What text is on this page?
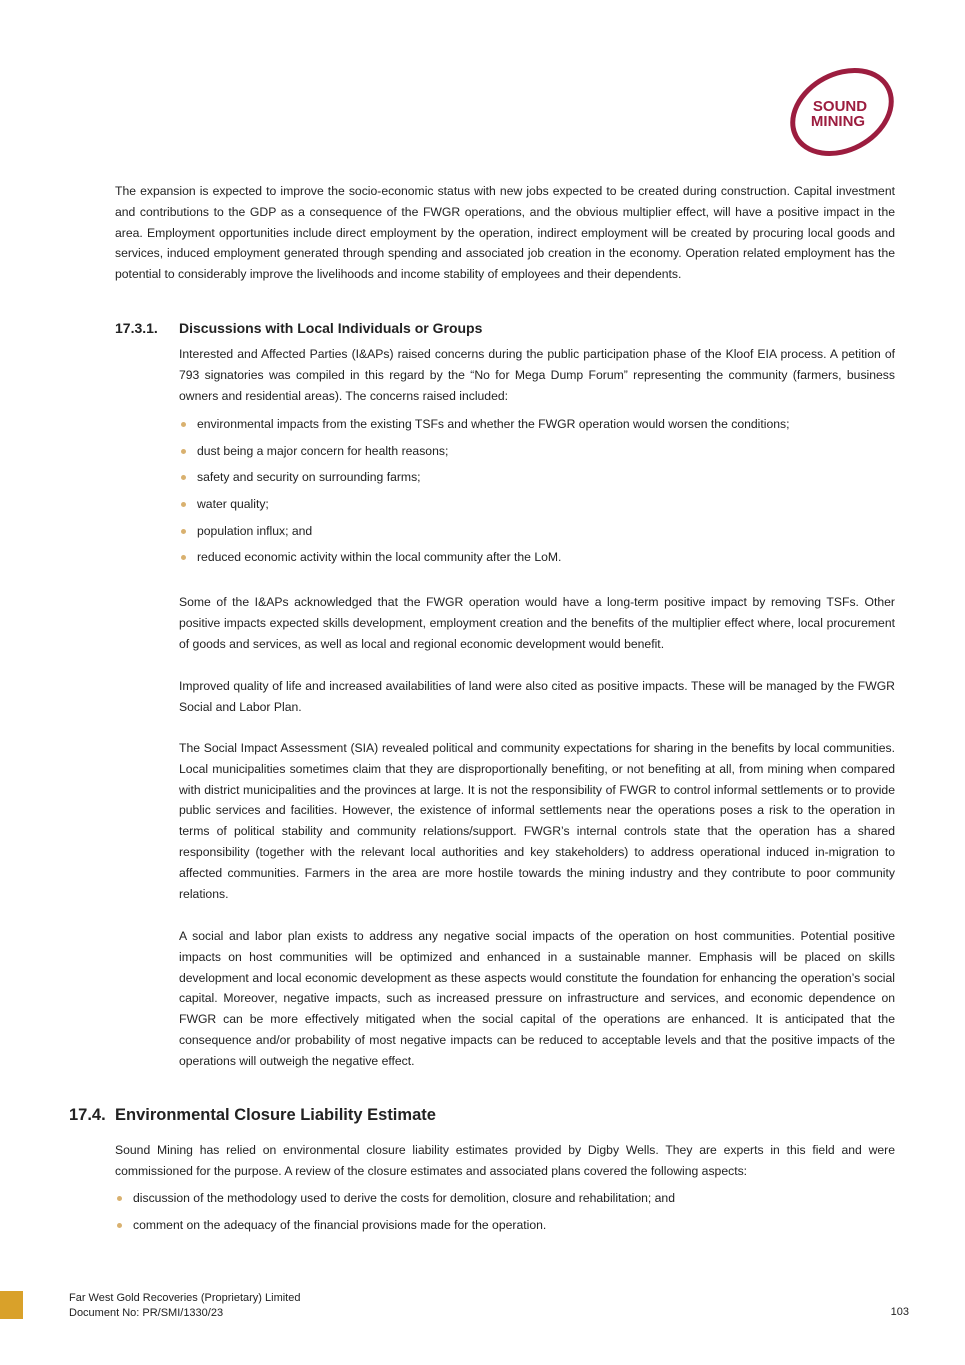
SOUND
MINING

The expansion is expected to improve the socio-economic status with new jobs expected to be created during construction. Capital investment and contributions to the GDP as a consequence of the FWGR operations, and the obvious multiplier effect, will have a positive impact in the area. Employment opportunities include direct employment by the operation, indirect employment will be created by procuring local goods and services, induced employment generated through spending and associated job creation in the economy. Operation related employment has the potential to considerably improve the livelihoods and income stability of employees and their dependents.

17.3.1. Discussions with Local Individuals or Groups

Interested and Affected Parties (I&APs) raised concerns during the public participation phase of the Kloof EIA process. A petition of 793 signatories was compiled in this regard by the “No for Mega Dump Forum” representing the community (farmers, business owners and residential areas). The concerns raised included:

environmental impacts from the existing TSFs and whether the FWGR operation would worsen the conditions;
dust being a major concern for health reasons;
safety and security on surrounding farms;
water quality;
population influx; and
reduced economic activity within the local community after the LoM.

Some of the I&APs acknowledged that the FWGR operation would have a long-term positive impact by removing TSFs. Other positive impacts expected skills development, employment creation and the benefits of the multiplier effect where, local procurement of goods and services, as well as local and regional economic development would benefit.

Improved quality of life and increased availabilities of land were also cited as positive impacts. These will be managed by the FWGR Social and Labor Plan.

The Social Impact Assessment (SIA) revealed political and community expectations for sharing in the benefits by local communities. Local municipalities sometimes claim that they are disproportionally benefiting, or not benefiting at all, from mining when compared with district municipalities and the provinces at large. It is not the responsibility of FWGR to control informal settlements or to provide public services and facilities. However, the existence of informal settlements near the operations poses a risk to the operation in terms of political stability and community relations/support. FWGR’s internal controls state that the operation has a shared responsibility (together with the relevant local authorities and key stakeholders) to address operational induced in-migration to affected communities. Farmers in the area are more hostile towards the mining industry and they contribute to poor community relations.

A social and labor plan exists to address any negative social impacts of the operation on host communities. Potential positive impacts on host communities will be optimized and enhanced in a sustainable manner. Emphasis will be placed on skills development and local economic development as these aspects would constitute the foundation for enhancing the operation’s social capital. Moreover, negative impacts, such as increased pressure on infrastructure and services, and economic dependence on FWGR can be more effectively mitigated when the social capital of the operations are enhanced. It is anticipated that the consequence and/or probability of most negative impacts can be reduced to acceptable levels and that the positive impacts of the operations will outweigh the negative effect.

17.4. Environmental Closure Liability Estimate

Sound Mining has relied on environmental closure liability estimates provided by Digby Wells. They are experts in this field and were commissioned for the purpose. A review of the closure estimates and associated plans covered the following aspects:

discussion of the methodology used to derive the costs for demolition, closure and rehabilitation; and
comment on the adequacy of the financial provisions made for the operation.
Far West Gold Recoveries (Proprietary) Limited
Document No: PR/SMI/1330/23	103
